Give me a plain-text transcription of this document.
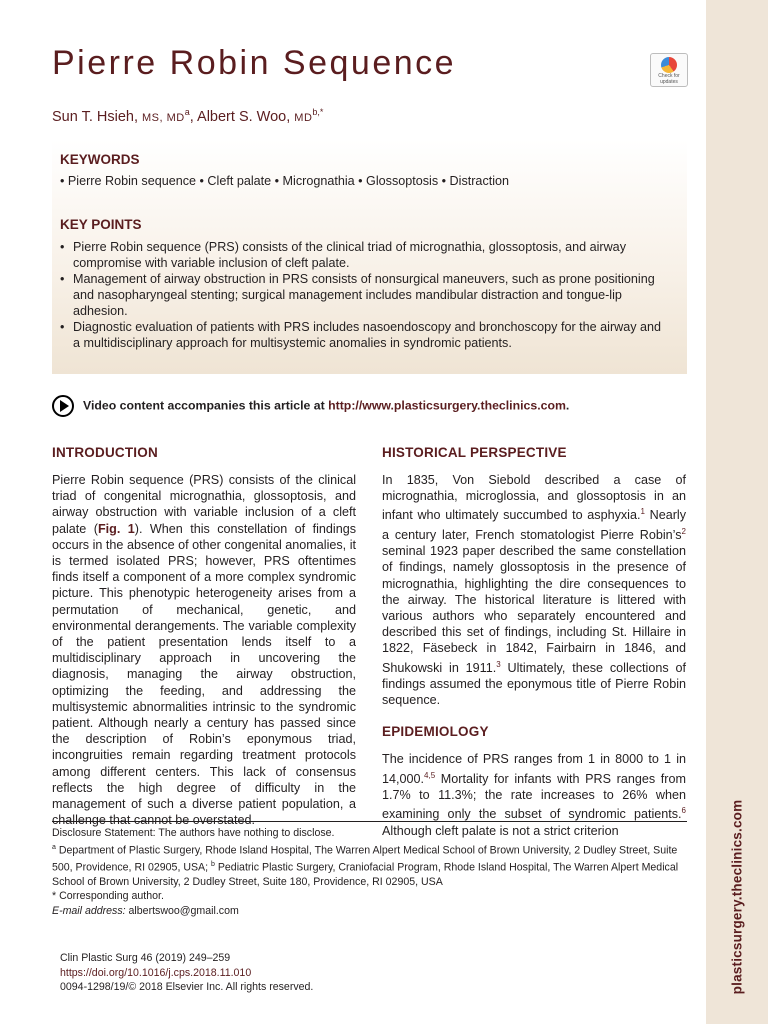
Pierre Robin Sequence	Check for
updates
Sun T. Hsieh, MS, $MD^a$, Albert S. Woo, $MD^{b,*}$
KEYWORDS
• Pierre Robin sequence • Cleft palate • Micrognathia • Glossoptosis • Distraction
KEY POINTS
• Pierre Robin sequence (PRS) consists of the clinical triad of micrognathia, glossoptosis, and airway compromise with variable inclusion of cleft palate.
• Management of airway obstruction in PRS consists of nonsurgical maneuvers, such as prone positioning and nasopharyngeal stenting; surgical management includes mandibular distraction and tongue-lip adhesion.
• Diagnostic evaluation of patients with PRS includes nasoendoscopy and bronchoscopy for the airway and a multidisciplinary approach for multisystemic anomalies in syndromic patients.
Video content accompanies this article at http://www.plasticsurgery.theclinics.com.
INTRODUCTION

Pierre Robin sequence (PRS) consists of the clinical triad of congenital micrognathia, glossoptosis, and airway obstruction with variable inclusion of a cleft palate (Fig. 1). When this constellation of findings occurs in the absence of other congenital anomalies, it is termed isolated PRS; however, PRS oftentimes finds itself a component of a more complex syndromic picture. This phenotypic heterogeneity arises from a permutation of mechanical, genetic, and environmental derangements. The variable complexity of the patient presentation lends itself to a multidisciplinary approach in uncovering the diagnosis, managing the airway obstruction, optimizing the feeding, and addressing the multisystemic abnormalities intrinsic to the syndromic patient. Although nearly a century has passed since the description of Robin’s eponymous triad, incongruities remain regarding treatment protocols among different centers. This lack of consensus reflects the high degree of difficulty in the management of such a diverse patient population, a challenge that cannot be overstated.

HISTORICAL PERSPECTIVE

In 1835, Von Siebold described a case of micrognathia, microglossia, and glossoptosis in an infant who ultimately succumbed to asphyxia.$^1$ Nearly a century later, French stomatologist Pierre $Robin’s^2$ seminal 1923 paper described the same constellation of findings, namely glossoptosis in the presence of micrognathia, highlighting the dire consequences to the airway. The historical literature is littered with various authors who separately encountered and described this set of findings, including St. Hillaire in 1822, Fäsebeck in 1842, Fairbairn in 1846, and Shukowski in 1911.$^3$ Ultimately, these collections of findings assumed the eponymous title of Pierre Robin sequence.

EPIDEMIOLOGY

The incidence of PRS ranges from 1 in 8000 to 1 in 14,000.$^{4,5}$ Mortality for infants with PRS ranges from 1.7% to 11.3%; the rate increases to 26% when examining only the subset of syndromic patients.$^6$ Although cleft palate is not a strict criterion

Disclosure Statement: The authors have nothing to disclose.
$^a$ Department of Plastic Surgery, Rhode Island Hospital, The Warren Alpert Medical School of Brown University, 2 Dudley Street, Suite 500, Providence, RI 02905, USA; $^b$ Pediatric Plastic Surgery, Craniofacial Program, Rhode Island Hospital, The Warren Alpert Medical School of Brown University, 2 Dudley Street, Suite 180, Providence, RI 02905, USA
* Corresponding author.
E-mail address: albertswoo@gmail.com
Clin Plastic Surg 46 (2019) 249–259
https://doi.org/10.1016/j.cps.2018.11.010
0094-1298/19/© 2018 Elsevier Inc. All rights reserved.	plasticsurgery.theclinics.com
